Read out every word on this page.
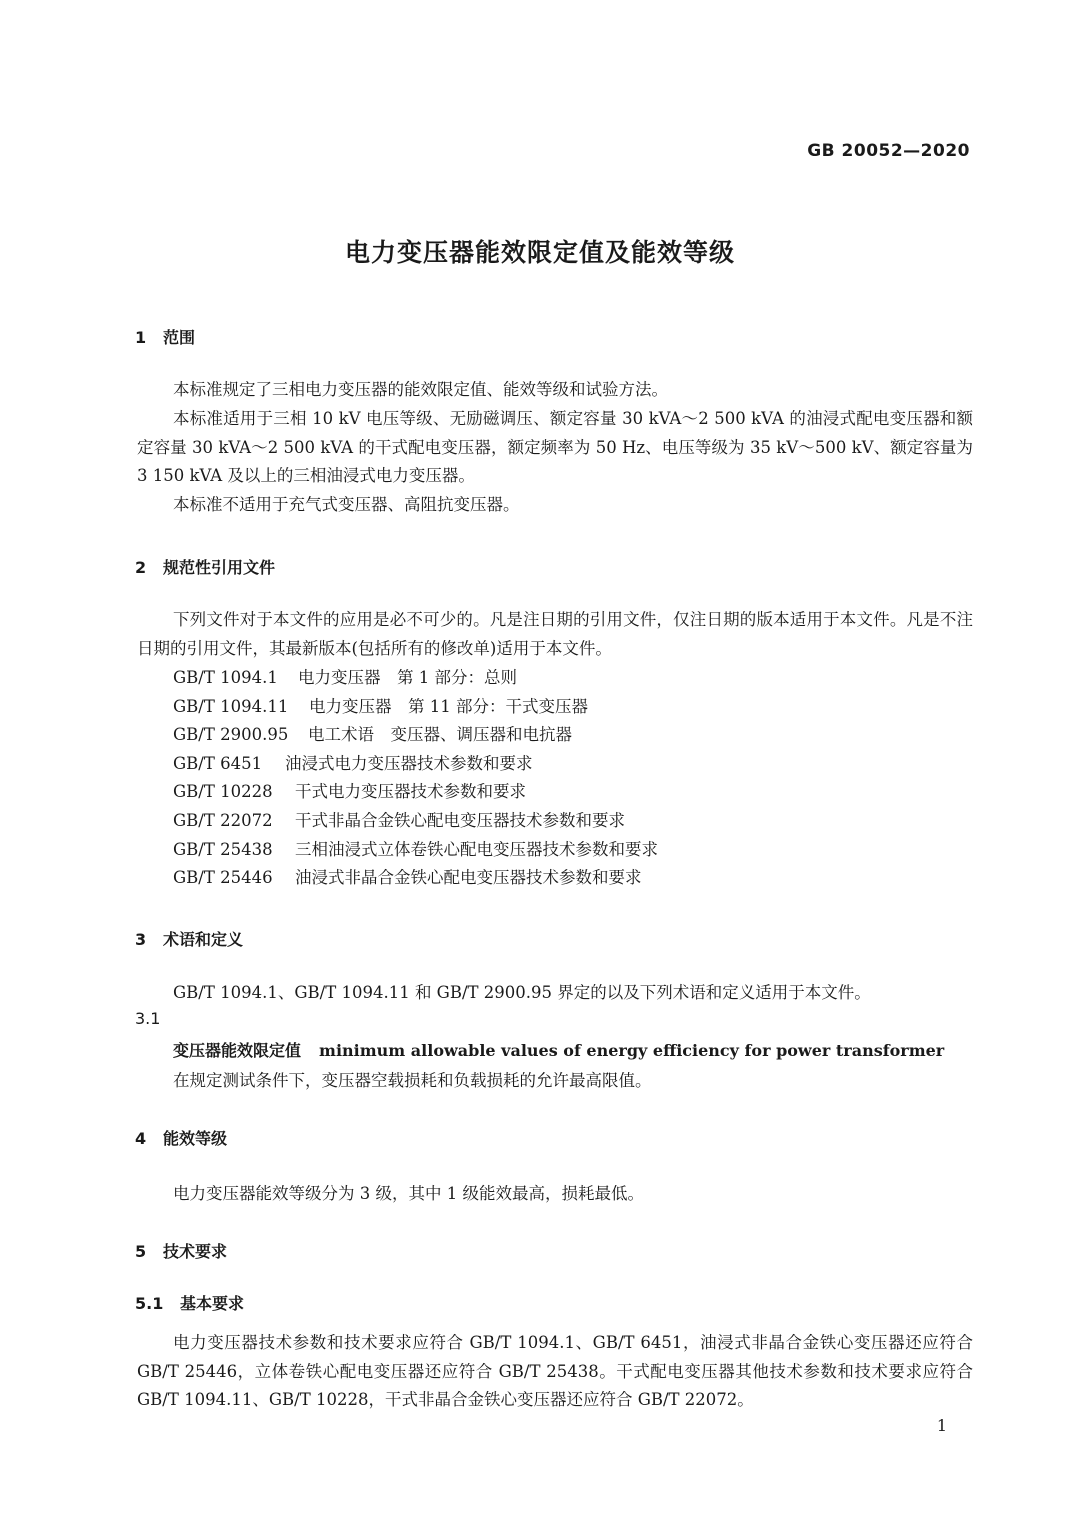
GB 20052—2020
电力变压器能效限定值及能效等级
1 范围

本标准规定了三相电力变压器的能效限定值、能效等级和试验方法。

本标准适用于三相 10 kV 电压等级、无励磁调压、额定容量 30 kVA～2 500 kVA 的油浸式配电变压器和额定容量 30 kVA～2 500 kVA 的干式配电变压器，额定频率为 50 Hz、电压等级为 35 kV～500 kV、额定容量为 3 150 kVA 及以上的三相油浸式电力变压器。

本标准不适用于充气式变压器、高阻抗变压器。

2 规范性引用文件

下列文件对于本文件的应用是必不可少的。凡是注日期的引用文件，仅注日期的版本适用于本文件。凡是不注日期的引用文件，其最新版本(包括所有的修改单)适用于本文件。

GB/T 1094.1 电力变压器　第 1 部分：总则
GB/T 1094.11 电力变压器　第 11 部分：干式变压器
GB/T 2900.95 电工术语　变压器、调压器和电抗器
GB/T 6451 油浸式电力变压器技术参数和要求
GB/T 10228 干式电力变压器技术参数和要求
GB/T 22072 干式非晶合金铁心配电变压器技术参数和要求
GB/T 25438 三相油浸式立体卷铁心配电变压器技术参数和要求
GB/T 25446 油浸式非晶合金铁心配电变压器技术参数和要求
3 术语和定义

GB/T 1094.1、GB/T 1094.11 和 GB/T 2900.95 界定的以及下列术语和定义适用于本文件。

3.1
变压器能效限定值 minimum allowable values of energy efficiency for power transformer
在规定测试条件下，变压器空载损耗和负载损耗的允许最高限值。
4 能效等级

电力变压器能效等级分为 3 级，其中 1 级能效最高，损耗最低。

5 技术要求
5.1 基本要求

电力变压器技术参数和技术要求应符合 GB/T 1094.1、GB/T 6451，油浸式非晶合金铁心变压器还应符合 GB/T 25446，立体卷铁心配电变压器还应符合 GB/T 25438。干式配电变压器其他技术参数和技术要求应符合 GB/T 1094.11、GB/T 10228，干式非晶合金铁心变压器还应符合 GB/T 22072。

1
